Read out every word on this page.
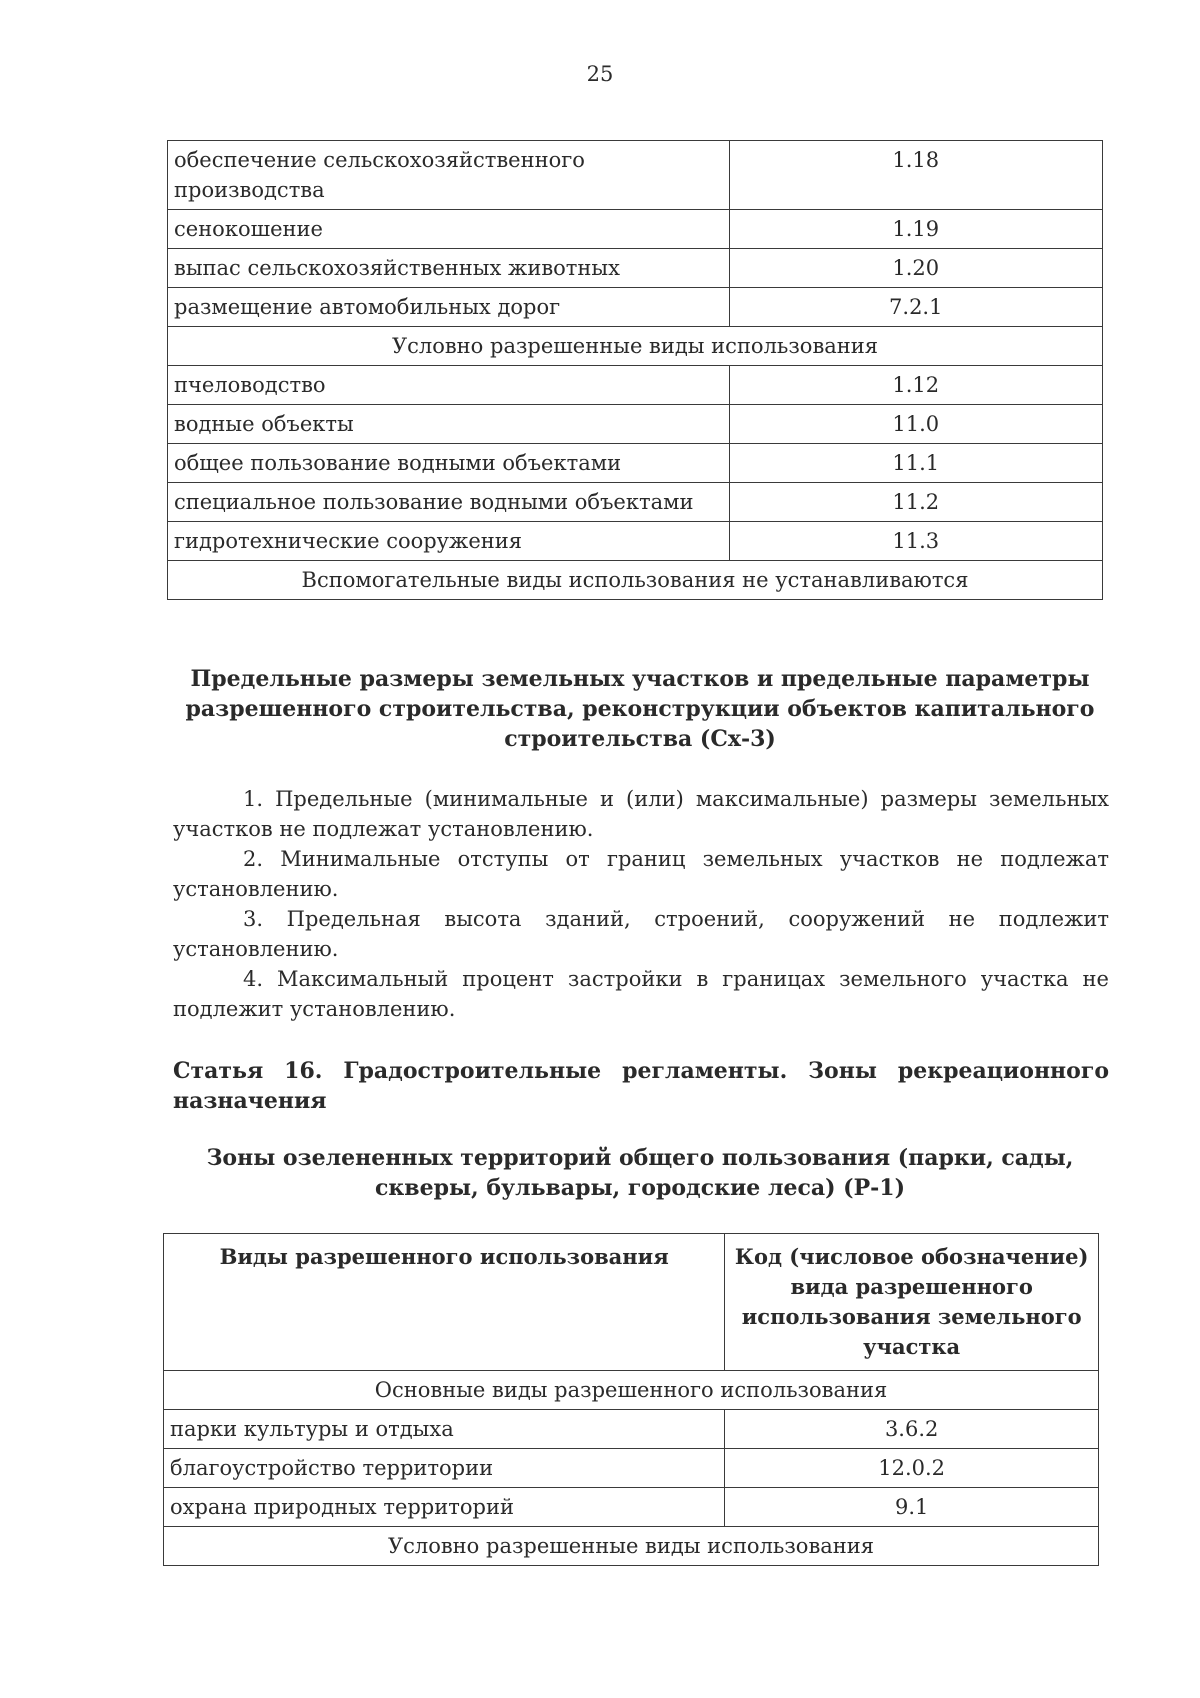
25
обеспечение сельскохозяйственного производства	1.18
сенокошение	1.19
выпас сельскохозяйственных животных	1.20
размещение автомобильных дорог	7.2.1
Условно разрешенные виды использования	
пчеловодство	1.12
водные объекты	11.0
общее пользование водными объектами	11.1
специальное пользование водными объектами	11.2
гидротехнические сооружения	11.3
Вспомогательные виды использования не устанавливаются	
Предельные размеры земельных участков и предельные параметры разрешенного строительства, реконструкции объектов капитального строительства (Сх-3)

1. Предельные (минимальные и (или) максимальные) размеры земельных участков не подлежат установлению.

2. Минимальные отступы от границ земельных участков не подлежат установлению.

3. Предельная высота зданий, строений, сооружений не подлежит установлению.

4. Максимальный процент застройки в границах земельного участка не подлежит установлению.

Статья 16. Градостроительные регламенты. Зоны рекреационного назначения
Зоны озелененных территорий общего пользования (парки, сады, скверы, бульвары, городские леса) (Р-1)
Виды разрешенного использования	Код (числовое обозначение) вида разрешенного использования земельного участка
Основные виды разрешенного использования	
парки культуры и отдыха	3.6.2
благоустройство территории	12.0.2
охрана природных территорий	9.1
Условно разрешенные виды использования	
